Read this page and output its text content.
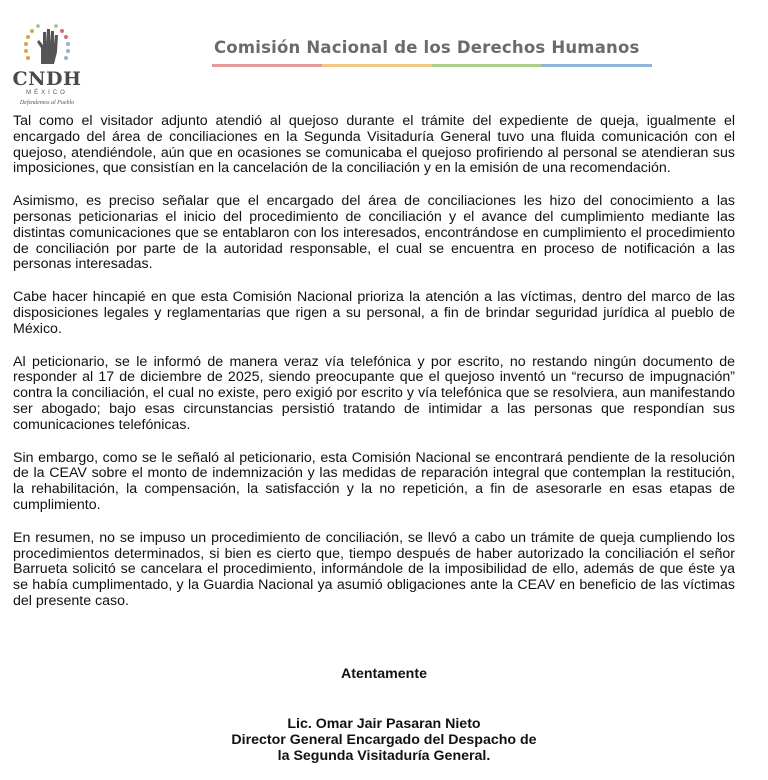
CNDH
MÉXICO
Defendemos al Pueblo
Comisión Nacional de los Derechos Humanos

Tal como el visitador adjunto atendió al quejoso durante el trámite del expediente de queja, igualmente el encargado del área de conciliaciones en la Segunda Visitaduría General tuvo una fluida comunicación con el quejoso, atendiéndole, aún que en ocasiones se comunicaba el quejoso profiriendo al personal se atendieran sus imposiciones, que consistían en la cancelación de la conciliación y en la emisión de una recomendación.

Asimismo, es preciso señalar que el encargado del área de conciliaciones les hizo del conocimiento a las personas peticionarias el inicio del procedimiento de conciliación y el avance del cumplimiento mediante las distintas comunicaciones que se entablaron con los interesados, encontrándose en cumplimiento el procedimiento de conciliación por parte de la autoridad responsable, el cual se encuentra en proceso de notificación a las personas interesadas.

Cabe hacer hincapié en que esta Comisión Nacional prioriza la atención a las víctimas, dentro del marco de las disposiciones legales y reglamentarias que rigen a su personal, a fin de brindar seguridad jurídica al pueblo de México.

Al peticionario, se le informó de manera veraz vía telefónica y por escrito, no restando ningún documento de responder al 17 de diciembre de 2025, siendo preocupante que el quejoso inventó un “recurso de impugnación” contra la conciliación, el cual no existe, pero exigió por escrito y vía telefónica que se resolviera, aun manifestando ser abogado; bajo esas circunstancias persistió tratando de intimidar a las personas que respondían sus comunicaciones telefónicas.

Sin embargo, como se le señaló al peticionario, esta Comisión Nacional se encontrará pendiente de la resolución de la CEAV sobre el monto de indemnización y las medidas de reparación integral que contemplan la restitución, la rehabilitación, la compensación, la satisfacción y la no repetición, a fin de asesorarle en esas etapas de cumplimiento.

En resumen, no se impuso un procedimiento de conciliación, se llevó a cabo un trámite de queja cumpliendo los procedimientos determinados, si bien es cierto que, tiempo después de haber autorizado la conciliación el señor Barrueta solicitó se cancelara el procedimiento, informándole de la imposibilidad de ello, además de que éste ya se había cumplimentado, y la Guardia Nacional ya asumió obligaciones ante la CEAV en beneficio de las víctimas del presente caso.

Atentamente
Lic. Omar Jair Pasaran Nieto
Director General Encargado del Despacho de
la Segunda Visitaduría General.
